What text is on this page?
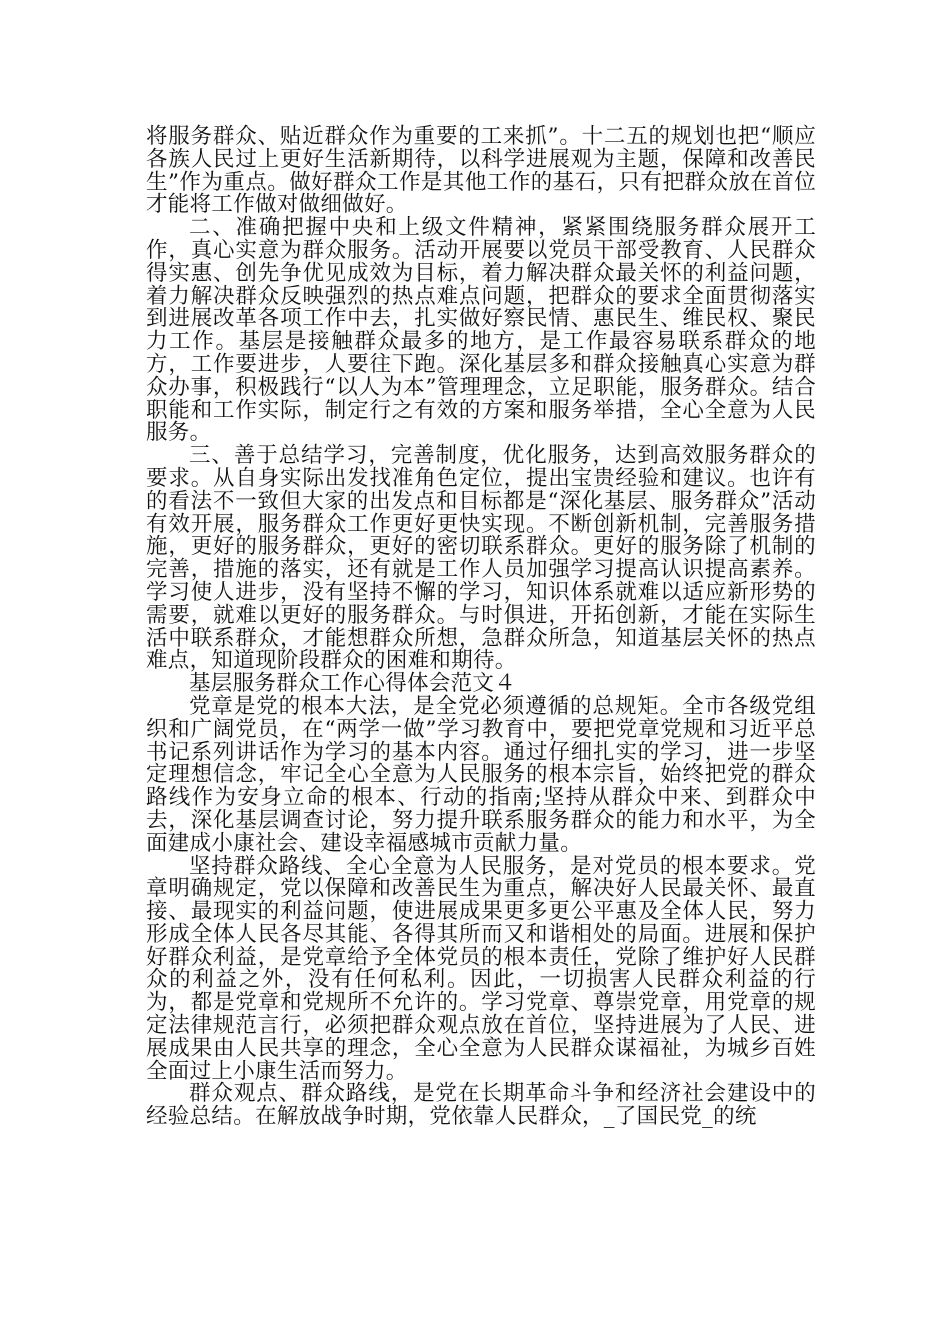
将服务群众、贴近群众作为重要的工来抓”。十二五的规划也把“顺应各族人民过上更好生活新期待，以科学进展观为主题，保障和改善民生”作为重点。做好群众工作是其他工作的基石，只有把群众放在首位才能将工作做对做细做好。

二、准确把握中央和上级文件精神，紧紧围绕服务群众展开工作，真心实意为群众服务。活动开展要以党员干部受教育、人民群众得实惠、创先争优见成效为目标，着力解决群众最关怀的利益问题，着力解决群众反映强烈的热点难点问题，把群众的要求全面贯彻落实到进展改革各项工作中去，扎实做好察民情、惠民生、维民权、聚民力工作。基层是接触群众最多的地方，是工作最容易联系群众的地方，工作要进步，人要往下跑。深化基层多和群众接触真心实意为群众办事，积极践行“以人为本”管理理念，立足职能，服务群众。结合职能和工作实际，制定行之有效的方案和服务举措，全心全意为人民服务。

三、善于总结学习，完善制度，优化服务，达到高效服务群众的要求。从自身实际出发找准角色定位，提出宝贵经验和建议。也许有的看法不一致但大家的出发点和目标都是“深化基层、服务群众”活动有效开展，服务群众工作更好更快实现。不断创新机制，完善服务措施，更好的服务群众，更好的密切联系群众。更好的服务除了机制的完善，措施的落实，还有就是工作人员加强学习提高认识提高素养。学习使人进步，没有坚持不懈的学习，知识体系就难以适应新形势的需要，就难以更好的服务群众。与时俱进，开拓创新，才能在实际生活中联系群众，才能想群众所想，急群众所急，知道基层关怀的热点难点，知道现阶段群众的困难和期待。

基层服务群众工作心得体会范文４

党章是党的根本大法，是全党必须遵循的总规矩。全市各级党组织和广阔党员，在“两学一做”学习教育中，要把党章党规和习近平总书记系列讲话作为学习的基本内容。通过仔细扎实的学习，进一步坚定理想信念，牢记全心全意为人民服务的根本宗旨，始终把党的群众路线作为安身立命的根本、行动的指南;坚持从群众中来、到群众中去，深化基层调查讨论，努力提升联系服务群众的能力和水平，为全面建成小康社会、建设幸福感城市贡献力量。

坚持群众路线、全心全意为人民服务，是对党员的根本要求。党章明确规定，党以保障和改善民生为重点，解决好人民最关怀、最直接、最现实的利益问题，使进展成果更多更公平惠及全体人民，努力形成全体人民各尽其能、各得其所而又和谐相处的局面。进展和保护好群众利益，是党章给予全体党员的根本责任，党除了维护好人民群众的利益之外，没有任何私利。因此，一切损害人民群众利益的行为，都是党章和党规所不允许的。学习党章、尊崇党章，用党章的规定法律规范言行，必须把群众观点放在首位，坚持进展为了人民、进展成果由人民共享的理念，全心全意为人民群众谋福祉，为城乡百姓全面过上小康生活而努力。

群众观点、群众路线，是党在长期革命斗争和经济社会建设中的经验总结。在解放战争时期，党依靠人民群众，_了国民党_的统
